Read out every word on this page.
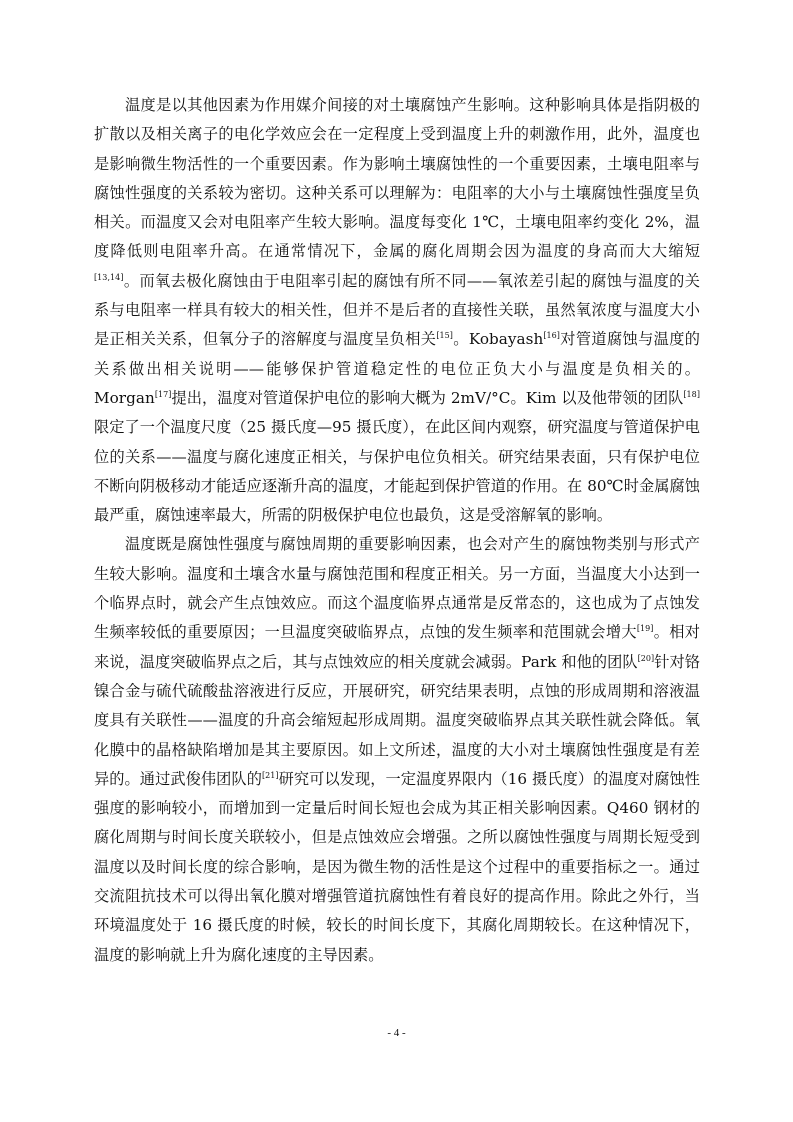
温度是以其他因素为作用媒介间接的对土壤腐蚀产生影响。这种影响具体是指阴极的扩散以及相关离子的电化学效应会在一定程度上受到温度上升的刺激作用，此外，温度也是影响微生物活性的一个重要因素。作为影响土壤腐蚀性的一个重要因素，土壤电阻率与腐蚀性强度的关系较为密切。这种关系可以理解为：电阻率的大小与土壤腐蚀性强度呈负相关。而温度又会对电阻率产生较大影响。温度每变化 1℃，土壤电阻率约变化 2%，温度降低则电阻率升高。在通常情况下，金属的腐化周期会因为温度的身高而大大缩短[13,14]。而氧去极化腐蚀由于电阻率引起的腐蚀有所不同——氧浓差引起的腐蚀与温度的关系与电阻率一样具有较大的相关性，但并不是后者的直接性关联，虽然氧浓度与温度大小是正相关关系，但氧分子的溶解度与温度呈负相关[15]。Kobayash[16]对管道腐蚀与温度的关系做出相关说明——能够保护管道稳定性的电位正负大小与温度是负相关的。Morgan[17]提出，温度对管道保护电位的影响大概为 2mV/°C。Kim 以及他带领的团队[18]限定了一个温度尺度（25 摄氏度—95 摄氏度），在此区间内观察，研究温度与管道保护电位的关系——温度与腐化速度正相关，与保护电位负相关。研究结果表面，只有保护电位不断向阴极移动才能适应逐渐升高的温度，才能起到保护管道的作用。在 80℃时金属腐蚀最严重，腐蚀速率最大，所需的阴极保护电位也最负，这是受溶解氧的影响。

温度既是腐蚀性强度与腐蚀周期的重要影响因素，也会对产生的腐蚀物类别与形式产生较大影响。温度和土壤含水量与腐蚀范围和程度正相关。另一方面，当温度大小达到一个临界点时，就会产生点蚀效应。而这个温度临界点通常是反常态的，这也成为了点蚀发生频率较低的重要原因；一旦温度突破临界点，点蚀的发生频率和范围就会增大[19]。相对来说，温度突破临界点之后，其与点蚀效应的相关度就会减弱。Park 和他的团队[20]针对铬镍合金与硫代硫酸盐溶液进行反应，开展研究，研究结果表明，点蚀的形成周期和溶液温度具有关联性——温度的升高会缩短起形成周期。温度突破临界点其关联性就会降低。氧化膜中的晶格缺陷增加是其主要原因。如上文所述，温度的大小对土壤腐蚀性强度是有差异的。通过武俊伟团队的[21]研究可以发现，一定温度界限内（16 摄氏度）的温度对腐蚀性强度的影响较小，而增加到一定量后时间长短也会成为其正相关影响因素。Q460 钢材的腐化周期与时间长度关联较小，但是点蚀效应会增强。之所以腐蚀性强度与周期长短受到温度以及时间长度的综合影响，是因为微生物的活性是这个过程中的重要指标之一。通过交流阻抗技术可以得出氧化膜对增强管道抗腐蚀性有着良好的提高作用。除此之外行，当环境温度处于 16 摄氏度的时候，较长的时间长度下，其腐化周期较长。在这种情况下，温度的影响就上升为腐化速度的主导因素。

- 4 -
